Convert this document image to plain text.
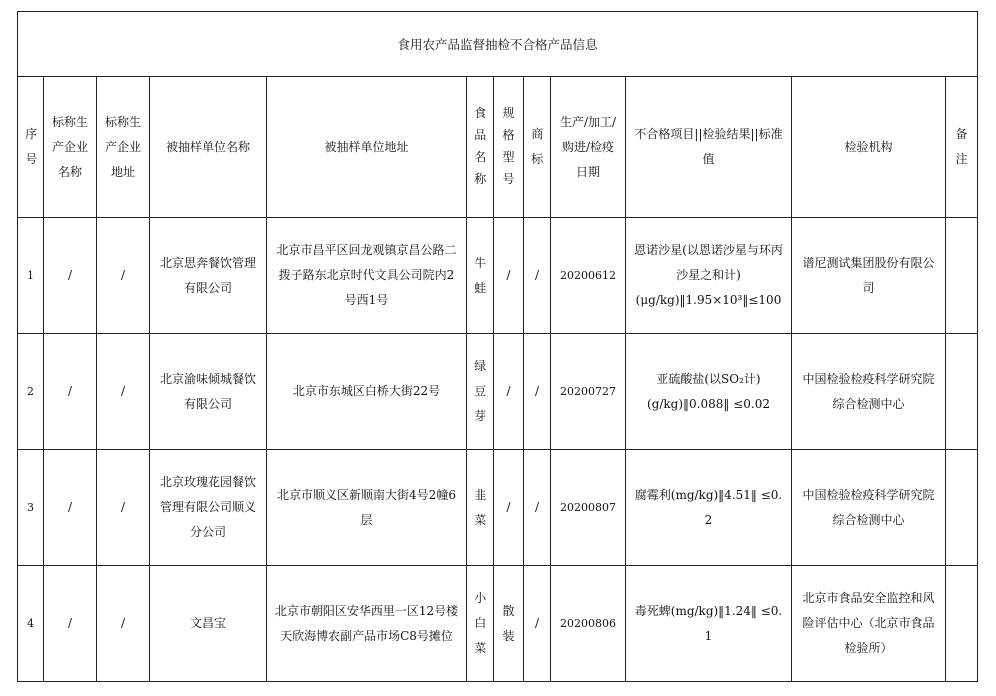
食用农产品监督抽检不合格产品信息											
序号	标称生产企业名称	标称生产企业地址	被抽样单位名称	被抽样单位地址	食品名称	规格型号	商标	生产/加工/购进/检疫日期	不合格项目||检验结果||标准值	检验机构	备注
1	/	/	北京思奔餐饮管理有限公司	北京市昌平区回龙观镇京昌公路二拨子路东北京时代文具公司院内2号西1号	牛蛙	/	/	20200612	恩诺沙星(以恩诺沙星与环丙沙星之和计)
(μg/kg)‖1.95×10³‖≤100	谱尼测试集团股份有限公司	
2	/	/	北京渝味倾城餐饮有限公司	北京市东城区白桥大街22号	绿豆芽	/	/	20200727	亚硫酸盐(以SO₂计)
(g/kg)‖0.088‖ ≤0.02	中国检验检疫科学研究院综合检测中心	
3	/	/	北京玫瑰花园餐饮管理有限公司顺义分公司	北京市顺义区新顺南大街4号2幢6层	韭菜	/	/	20200807	腐霉利(mg/kg)‖4.51‖ ≤0.2	中国检验检疫科学研究院综合检测中心	
4	/	/	文昌宝	北京市朝阳区安华西里一区12号楼天欣海博农副产品市场C8号摊位	小白菜	散装	/	20200806	毒死蜱(mg/kg)‖1.24‖ ≤0.1	北京市食品安全监控和风险评估中心（北京市食品检验所）	
